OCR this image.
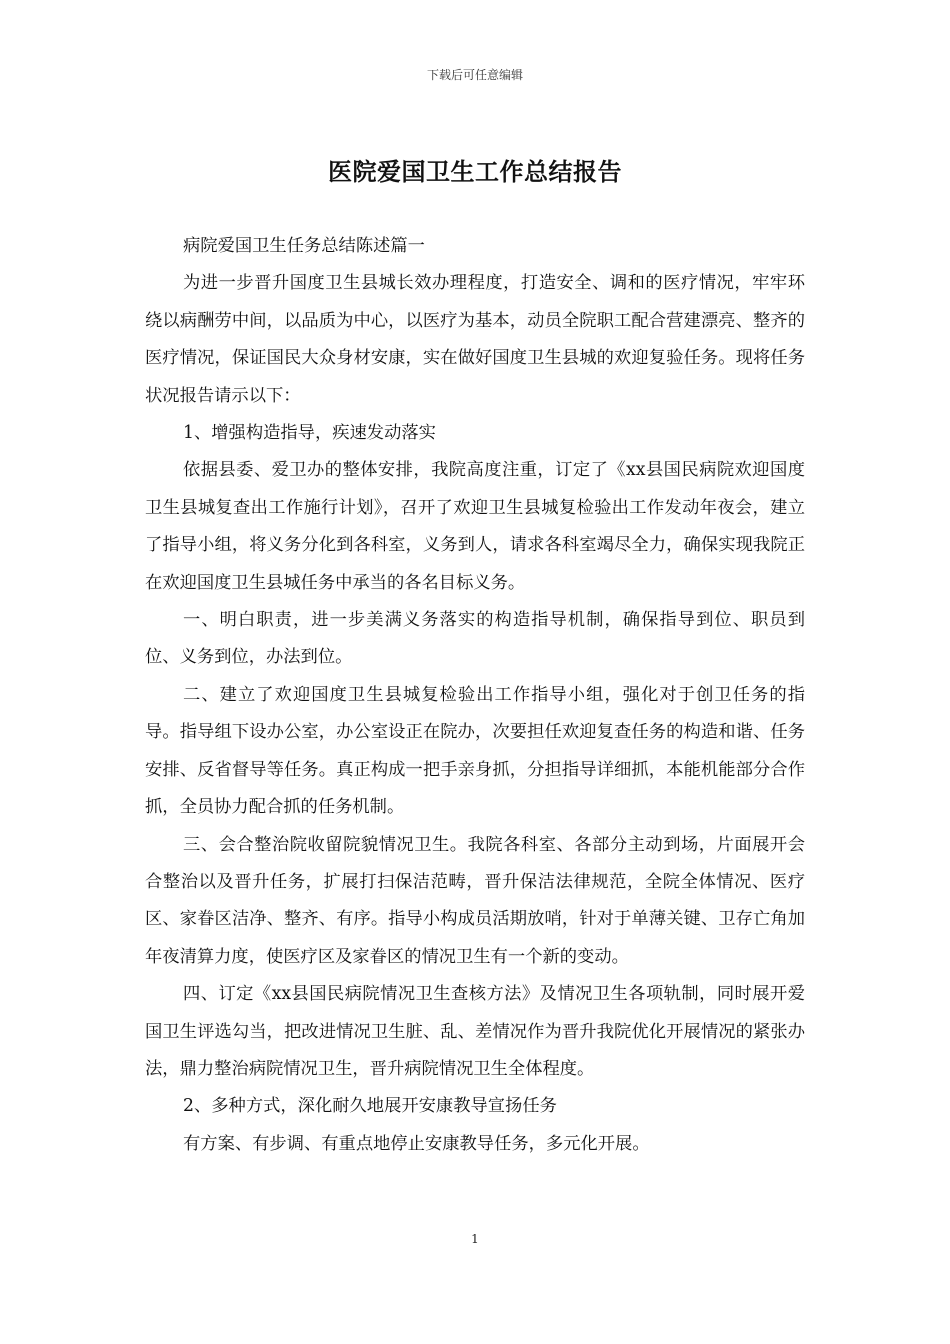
下载后可任意编辑
医院爱国卫生工作总结报告

病院爱国卫生任务总结陈述篇一

为进一步晋升国度卫生县城长效办理程度，打造安全、调和的医疗情况，牢牢环绕以病酬劳中间，以品质为中心，以医疗为基本，动员全院职工配合营建漂亮、整齐的医疗情况，保证国民大众身材安康，实在做好国度卫生县城的欢迎复验任务。现将任务状况报告请示以下：

1、增强构造指导，疾速发动落实

依据县委、爱卫办的整体安排，我院高度注重，订定了《xx县国民病院欢迎国度卫生县城复查出工作施行计划》，召开了欢迎卫生县城复检验出工作发动年夜会，建立了指导小组，将义务分化到各科室，义务到人，请求各科室竭尽全力，确保实现我院正在欢迎国度卫生县城任务中承当的各名目标义务。

一、明白职责，进一步美满义务落实的构造指导机制，确保指导到位、职员到位、义务到位，办法到位。

二、建立了欢迎国度卫生县城复检验出工作指导小组，强化对于创卫任务的指导。指导组下设办公室，办公室设正在院办，次要担任欢迎复查任务的构造和谐、任务安排、反省督导等任务。真正构成一把手亲身抓，分担指导详细抓，本能机能部分合作抓，全员协力配合抓的任务机制。

三、会合整治院收留院貌情况卫生。我院各科室、各部分主动到场，片面展开会合整治以及晋升任务，扩展打扫保洁范畴，晋升保洁法律规范，全院全体情况、医疗区、家眷区洁净、整齐、有序。指导小构成员活期放哨，针对于单薄关键、卫存亡角加年夜清算力度，使医疗区及家眷区的情况卫生有一个新的变动。

四、订定《xx县国民病院情况卫生查核方法》及情况卫生各项轨制，同时展开爱国卫生评选勾当，把改进情况卫生脏、乱、差情况作为晋升我院优化开展情况的紧张办法，鼎力整治病院情况卫生，晋升病院情况卫生全体程度。

2、多种方式，深化耐久地展开安康教导宣扬任务

有方案、有步调、有重点地停止安康教导任务，多元化开展。

1
